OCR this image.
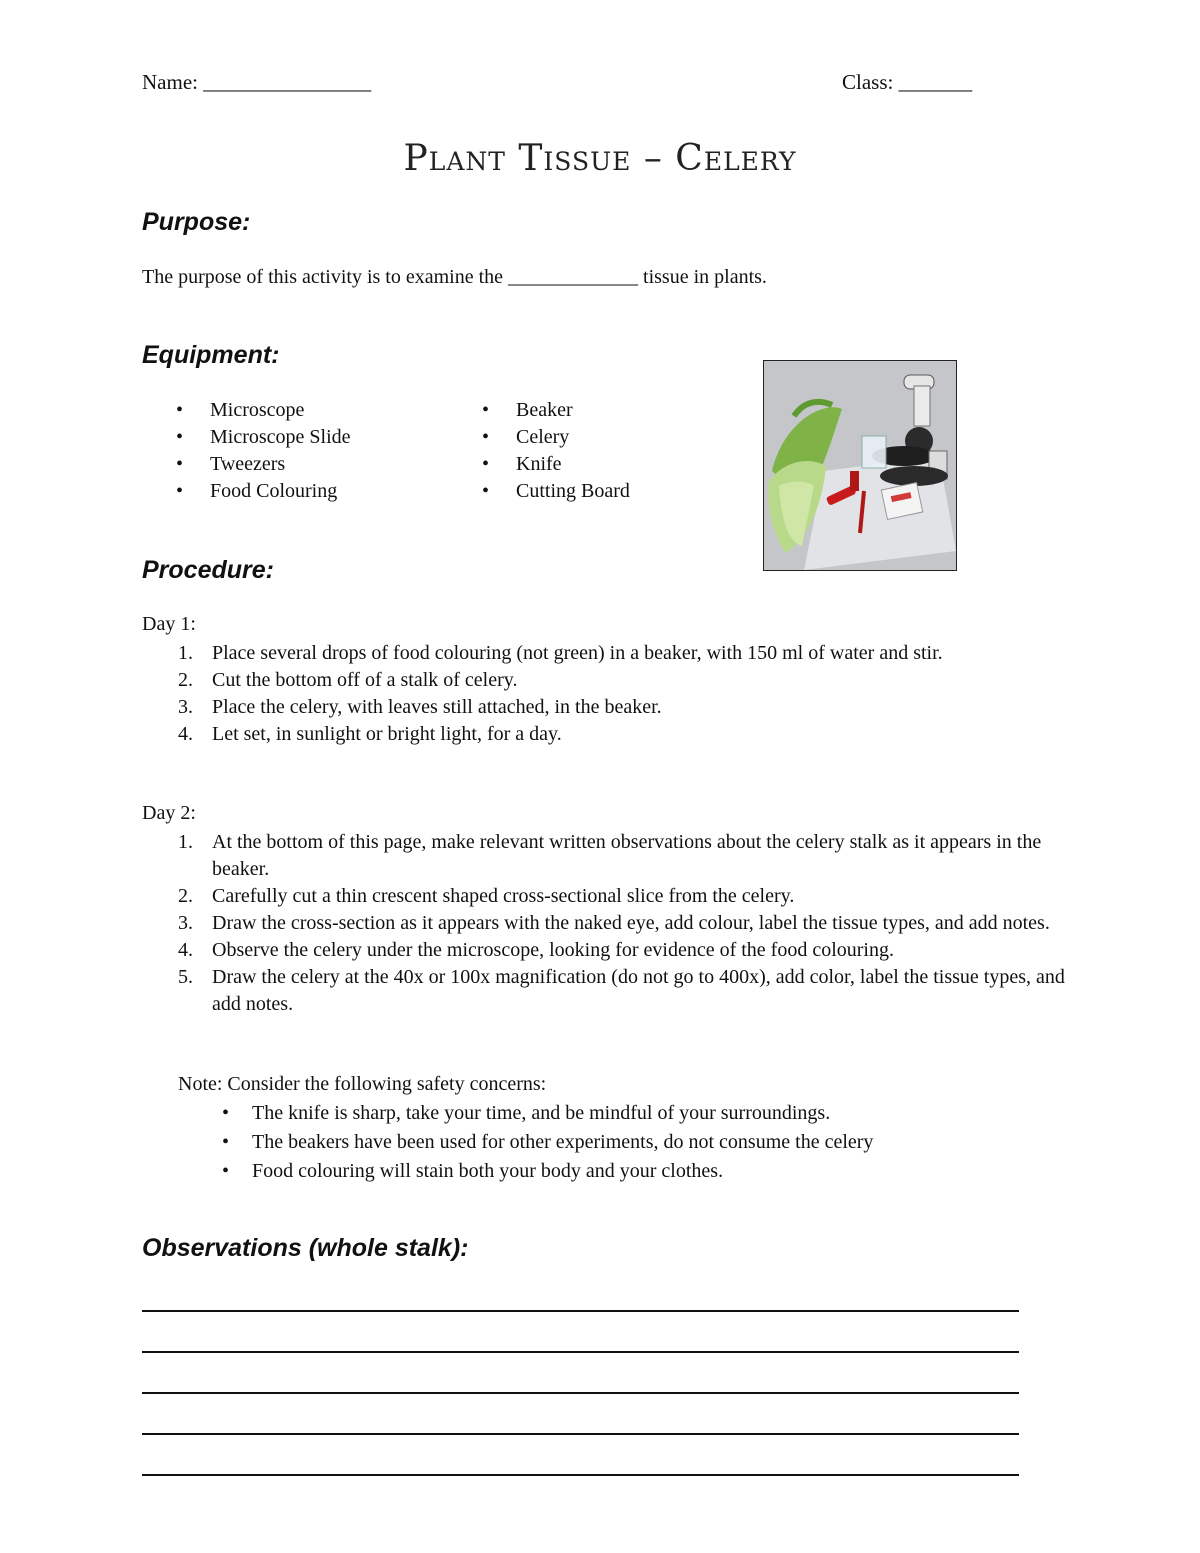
Name: ________________	Class: _______
Plant Tissue – Celery
Purpose:
The purpose of this activity is to examine the _____________ tissue in plants.
Equipment:
• Microscope
• Microscope Slide
• Tweezers
• Food Colouring
• Beaker
• Celery
• Knife
• Cutting Board
Procedure:
Day 1:
1. Place several drops of food colouring (not green) in a beaker, with 150 ml of water and stir.
2. Cut the bottom off of a stalk of celery.
3. Place the celery, with leaves still attached, in the beaker.
4. Let set, in sunlight or bright light, for a day.
Day 2:
1. At the bottom of this page, make relevant written observations about the celery stalk as it appears in the beaker.
2. Carefully cut a thin crescent shaped cross-sectional slice from the celery.
3. Draw the cross-section as it appears with the naked eye, add colour, label the tissue types, and add notes.
4. Observe the celery under the microscope, looking for evidence of the food colouring.
5. Draw the celery at the 40x or 100x magnification (do not go to 400x), add color, label the tissue types, and add notes.
Note: Consider the following safety concerns:
• The knife is sharp, take your time, and be mindful of your surroundings.
• The beakers have been used for other experiments, do not consume the celery
• Food colouring will stain both your body and your clothes.
Observations (whole stalk):
